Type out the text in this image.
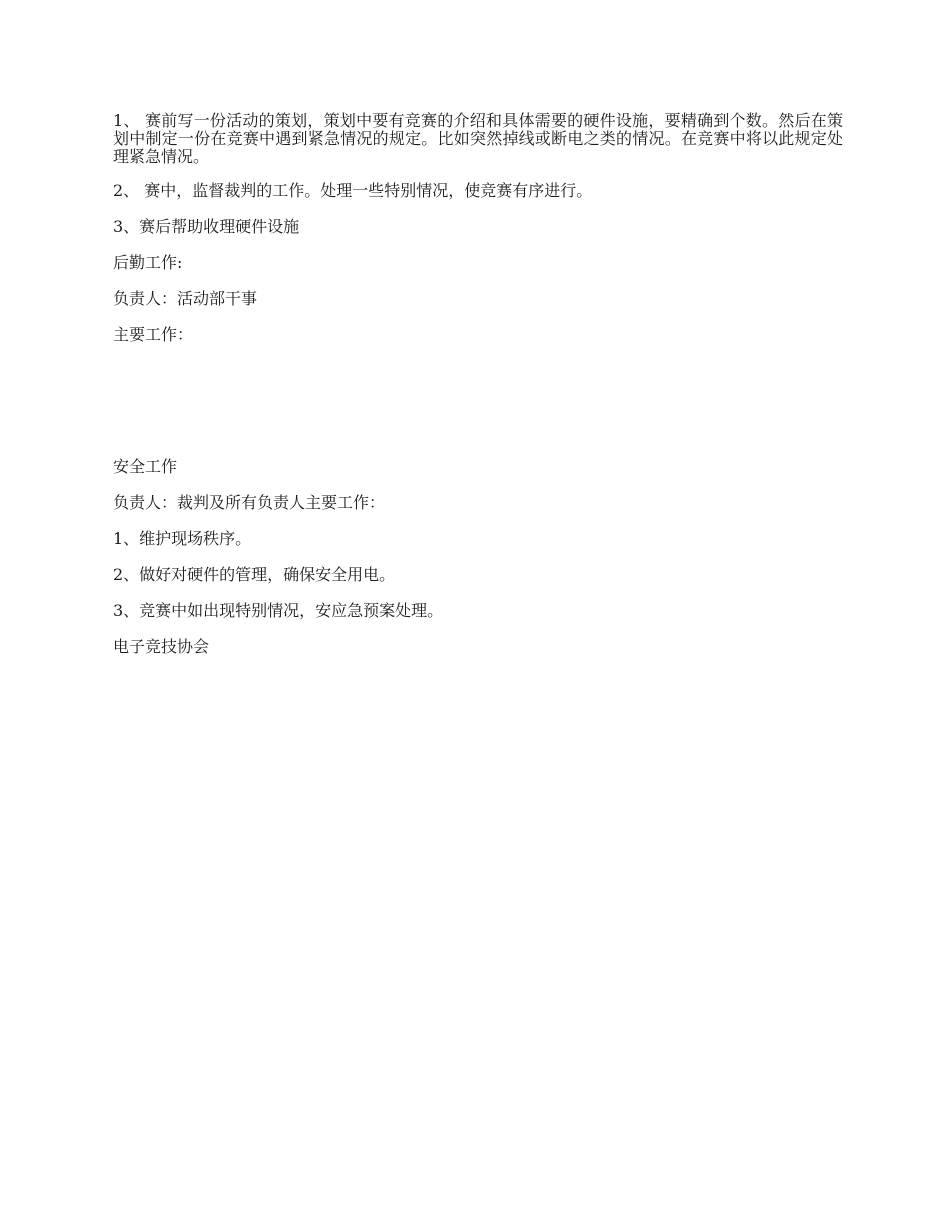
1、 赛前写一份活动的策划，策划中要有竞赛的介绍和具体需要的硬件设施，要精确到个数。然后在策划中制定一份在竞赛中遇到紧急情况的规定。比如突然掉线或断电之类的情况。在竞赛中将以此规定处理紧急情况。

2、 赛中，监督裁判的工作。处理一些特别情况，使竞赛有序进行。

3、赛后帮助收理硬件设施

后勤工作:

负责人：活动部干事

主要工作：

安全工作

负责人：裁判及所有负责人主要工作：

1、维护现场秩序。

2、做好对硬件的管理，确保安全用电。

3、竞赛中如出现特别情况，安应急预案处理。

电子竞技协会
